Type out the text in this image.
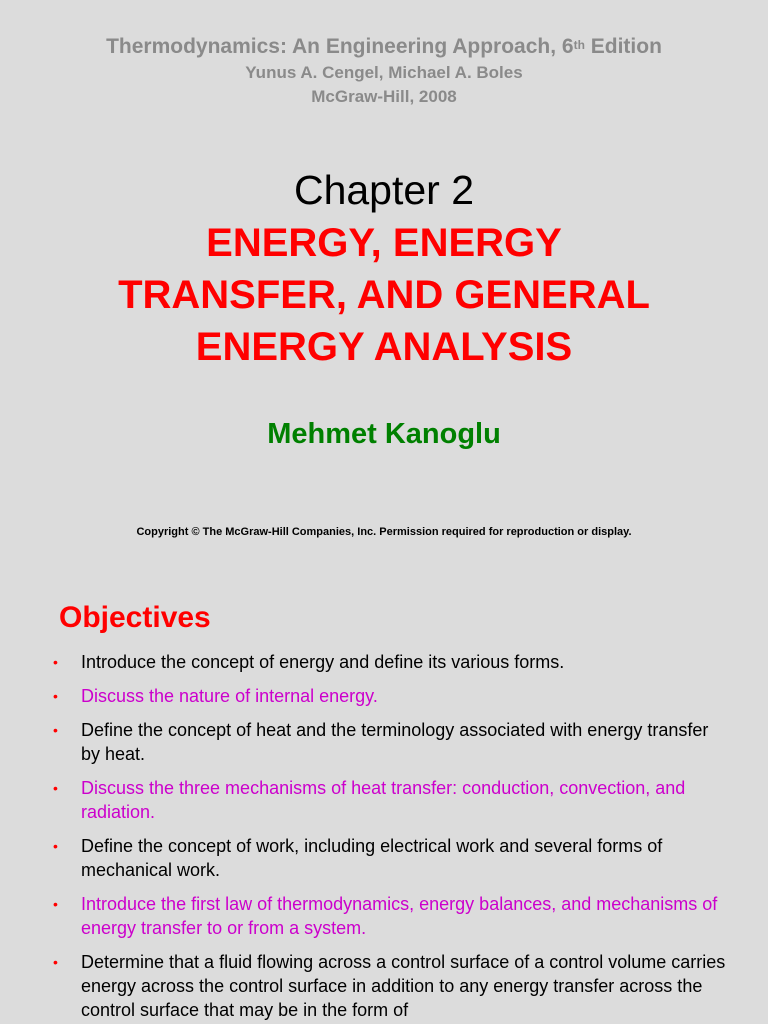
Thermodynamics: An Engineering Approach, 6th Edition
Yunus A. Cengel, Michael A. Boles
McGraw-Hill, 2008
Chapter 2
ENERGY, ENERGY
TRANSFER, AND GENERAL
ENERGY ANALYSIS
Mehmet Kanoglu
Copyright © The McGraw-Hill Companies, Inc. Permission required for reproduction or display.
Objectives
• Introduce the concept of energy and define its various forms.
• Discuss the nature of internal energy.
• Define the concept of heat and the terminology associated with energy transfer by heat.
• Discuss the three mechanisms of heat transfer: conduction, convection, and radiation.
• Define the concept of work, including electrical work and several forms of mechanical work.
• Introduce the first law of thermodynamics, energy balances, and mechanisms of energy transfer to or from a system.
• Determine that a fluid flowing across a control surface of a control volume carries energy across the control surface in addition to any energy transfer across the control surface that may be in the form of
